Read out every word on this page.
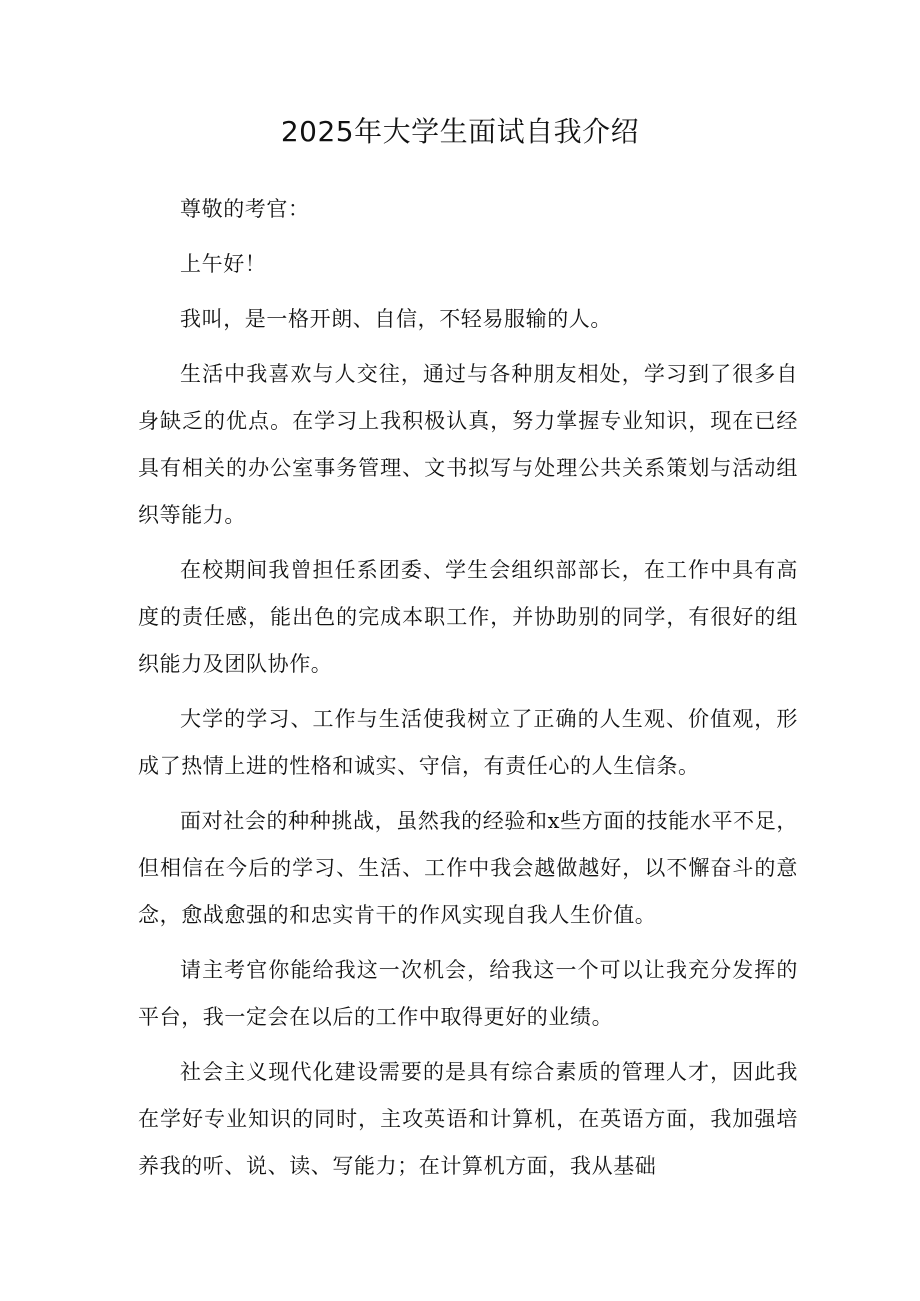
2025年大学生面试自我介绍

尊敬的考官：

上午好！

我叫，是一格开朗、自信，不轻易服输的人。

生活中我喜欢与人交往，通过与各种朋友相处，学习到了很多自身缺乏的优点。在学习上我积极认真，努力掌握专业知识，现在已经具有相关的办公室事务管理、文书拟写与处理公共关系策划与活动组织等能力。

在校期间我曾担任系团委、学生会组织部部长，在工作中具有高度的责任感，能出色的完成本职工作，并协助别的同学，有很好的组织能力及团队协作。

大学的学习、工作与生活使我树立了正确的人生观、价值观，形成了热情上进的性格和诚实、守信，有责任心的人生信条。

面对社会的种种挑战，虽然我的经验和x些方面的技能水平不足，但相信在今后的学习、生活、工作中我会越做越好，以不懈奋斗的意念，愈战愈强的和忠实肯干的作风实现自我人生价值。

请主考官你能给我这一次机会，给我这一个可以让我充分发挥的平台，我一定会在以后的工作中取得更好的业绩。

社会主义现代化建设需要的是具有综合素质的管理人才，因此我在学好专业知识的同时，主攻英语和计算机，在英语方面，我加强培养我的听、说、读、写能力；在计算机方面，我从基础
